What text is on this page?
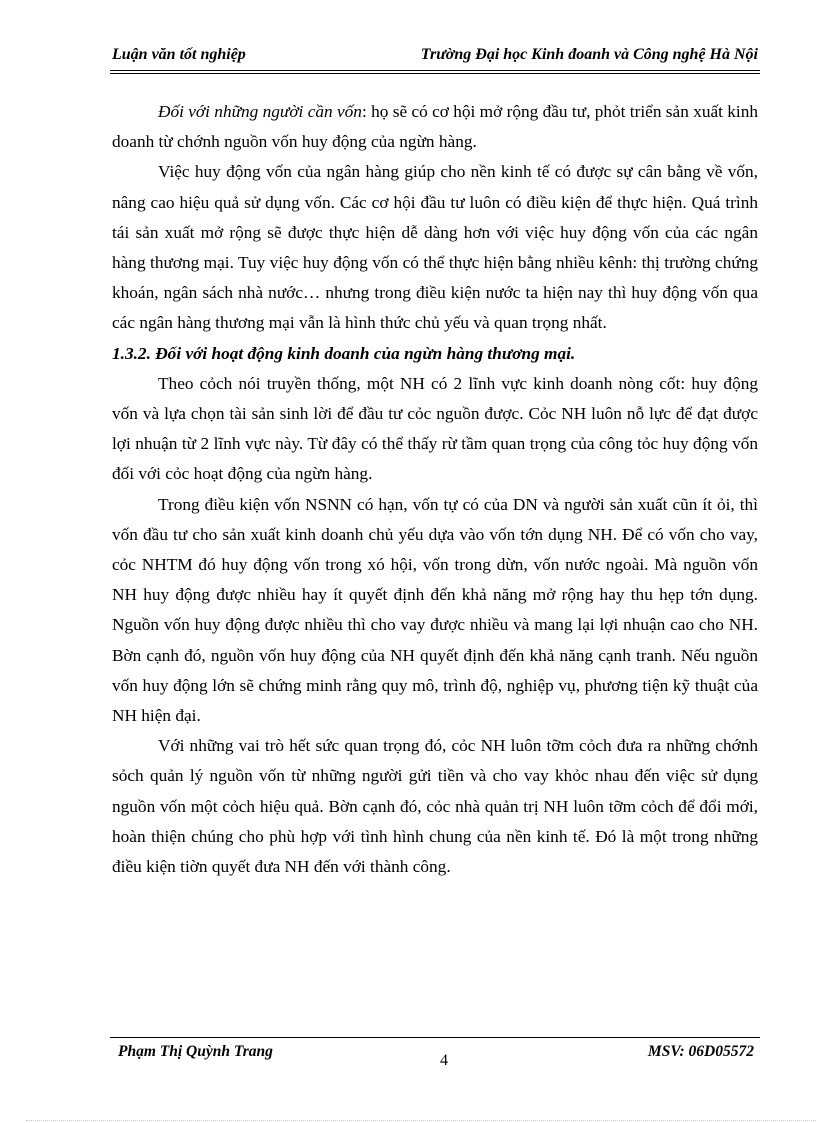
Luận văn tốt nghiệp	Trường Đại học Kinh đoanh và Công nghệ Hà Nội

Đối với những người cần vốn: họ sẽ có cơ hội mở rộng đầu tư, phỏt triển sản xuất kinh doanh từ chớnh nguồn vốn huy động của ngừn hàng.

Việc huy động vốn của ngân hàng giúp cho nền kinh tế có được sự cân bằng về vốn, nâng cao hiệu quả sử dụng vốn. Các cơ hội đầu tư luôn có điều kiện để thực hiện. Quá trình tái sản xuất mở rộng sẽ được thực hiện dễ dàng hơn với việc huy động vốn của các ngân hàng thương mại. Tuy việc huy động vốn có thể thực hiện bằng nhiều kênh: thị trường chứng khoán, ngân sách nhà nước… nhưng trong điều kiện nước ta hiện nay thì huy động vốn qua các ngân hàng thương mại vẫn là hình thức chủ yếu và quan trọng nhất.

1.3.2. Đối với hoạt động kinh doanh của ngừn hàng thương mại.

Theo cỏch nói truyền thống, một NH có 2 lĩnh vực kinh doanh nòng cốt: huy động vốn và lựa chọn tài sản sinh lời để đầu tư cỏc nguồn được. Cỏc NH luôn nỗ lực để đạt được lợi nhuận từ 2 lĩnh vực này. Từ đây có thể thấy rừ tầm quan trọng của công tỏc huy động vốn đối với cỏc hoạt động của ngừn hàng.

Trong điều kiện vốn NSNN có hạn, vốn tự có của DN và người sản xuất cũn ít ỏi, thì vốn đầu tư cho sản xuất kinh doanh chủ yếu dựa vào vốn tớn dụng NH. Để có vốn cho vay, cỏc NHTM đó huy động vốn trong xó hội, vốn trong dừn, vốn nước ngoài. Mà nguồn vốn NH huy động được nhiều hay ít quyết định đến khả năng mở rộng hay thu hẹp tớn dụng. Nguồn vốn huy động được nhiều thì cho vay được nhiều và mang lại lợi nhuận cao cho NH. Bờn cạnh đó, nguồn vốn huy động của NH quyết định đến khả năng cạnh tranh. Nếu nguồn vốn huy động lớn sẽ chứng minh rằng quy mô, trình độ, nghiệp vụ, phương tiện kỹ thuật của NH hiện đại.

Với những vai trò hết sức quan trọng đó, cỏc NH luôn tỡm cỏch đưa ra những chớnh sỏch quản lý nguồn vốn từ những người gửi tiền và cho vay khỏc nhau đến việc sử dụng nguồn vốn một cỏch hiệu quả. Bờn cạnh đó, cỏc nhà quản trị NH luôn tỡm cỏch để đổi mới, hoàn thiện chúng cho phù hợp với tình hình chung của nền kinh tế. Đó là một trong những điều kiện tiờn quyết đưa NH đến với thành công.

Phạm Thị Quỳnh Trang	MSV: 06D05572
4
